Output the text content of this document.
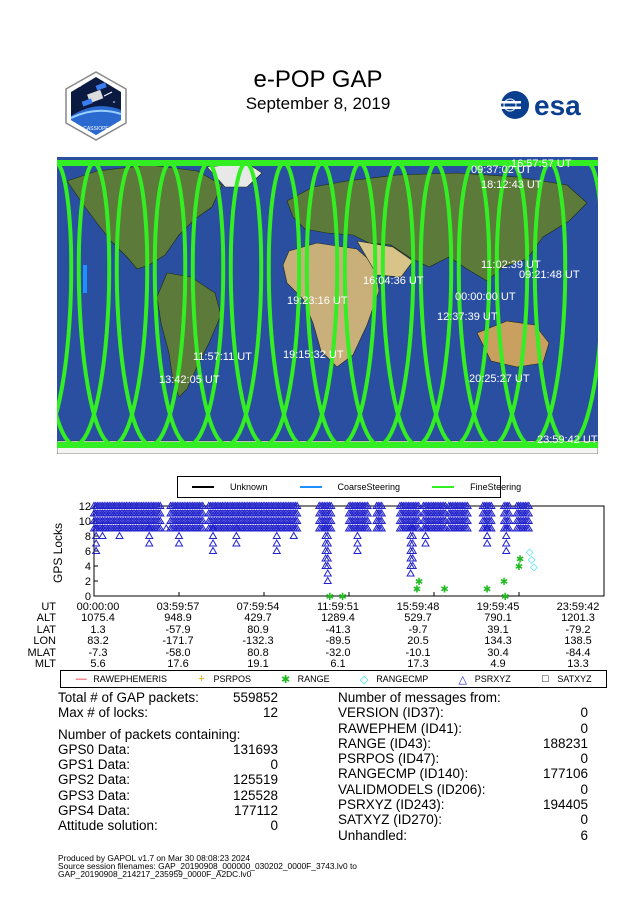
e-POP GAP
September 8, 2019
CASSIOPE
esa
09:37:02 UT
16:57:57 UT
18:12:43 UT
11:02:39 UT
09:21:48 UT
16:04:36 UT
00:00:00 UT
19:23:16 UT
12:37:39 UT
11:57:11 UT	19:15:32 UT
13:42:05 UT	20:25:27 UT
23:59:42 UT
Unknown	CoarseSteering	FineSteering
GPS Locks
0
2
4
6
8
10
12
✱ ✱
✱
✱
✱	✱
✱
✱
✱
✱
◇
◇
◇
UT	00:00:00	03:59:57	07:59:54	11:59:51	15:59:48	19:59:45	23:59:42
ALT	1075.4	948.9	429.7	1289.4	529.7	790.1	1201.3
LAT	1.3	-57.9	80.9	-41.3	-9.7	39.1	-79.2
LON	83.2	-171.7	-132.3	-89.5	20.5	134.3	138.5
MLAT	-7.3	-58.0	80.8	-32.0	-10.1	30.4	-84.4
MLT	5.6	17.6	19.1	6.1	17.3	4.9	13.3
— RAWEPHEMERIS	+ PSRPOS	✱ RANGE	◇ RANGECMP	△ PSRXYZ	□ SATXYZ
Total # of GAP packets:	559852
Max # of locks:	12
Number of packets containing:
GPS0 Data:	131693
GPS1 Data:	0
GPS2 Data:	125519
GPS3 Data:	125528
GPS4 Data:	177112
Attitude solution:	0
Number of messages from:
VERSION (ID37):	0
RAWEPHEM (ID41):	0
RANGE (ID43):	188231
PSRPOS (ID47):	0
RANGECMP (ID140):	177106
VALIDMODELS (ID206):	0
PSRXYZ (ID243):	194405
SATXYZ (ID270):	0
Unhandled:	6
Produced by GAPOL v1.7 on Mar 30 08:08:23 2024
Source session filenames: GAP_20190908_000000_030202_0000F_3743.lv0 to
GAP_20190908_214217_235959_0000F_A2DC.lv0
